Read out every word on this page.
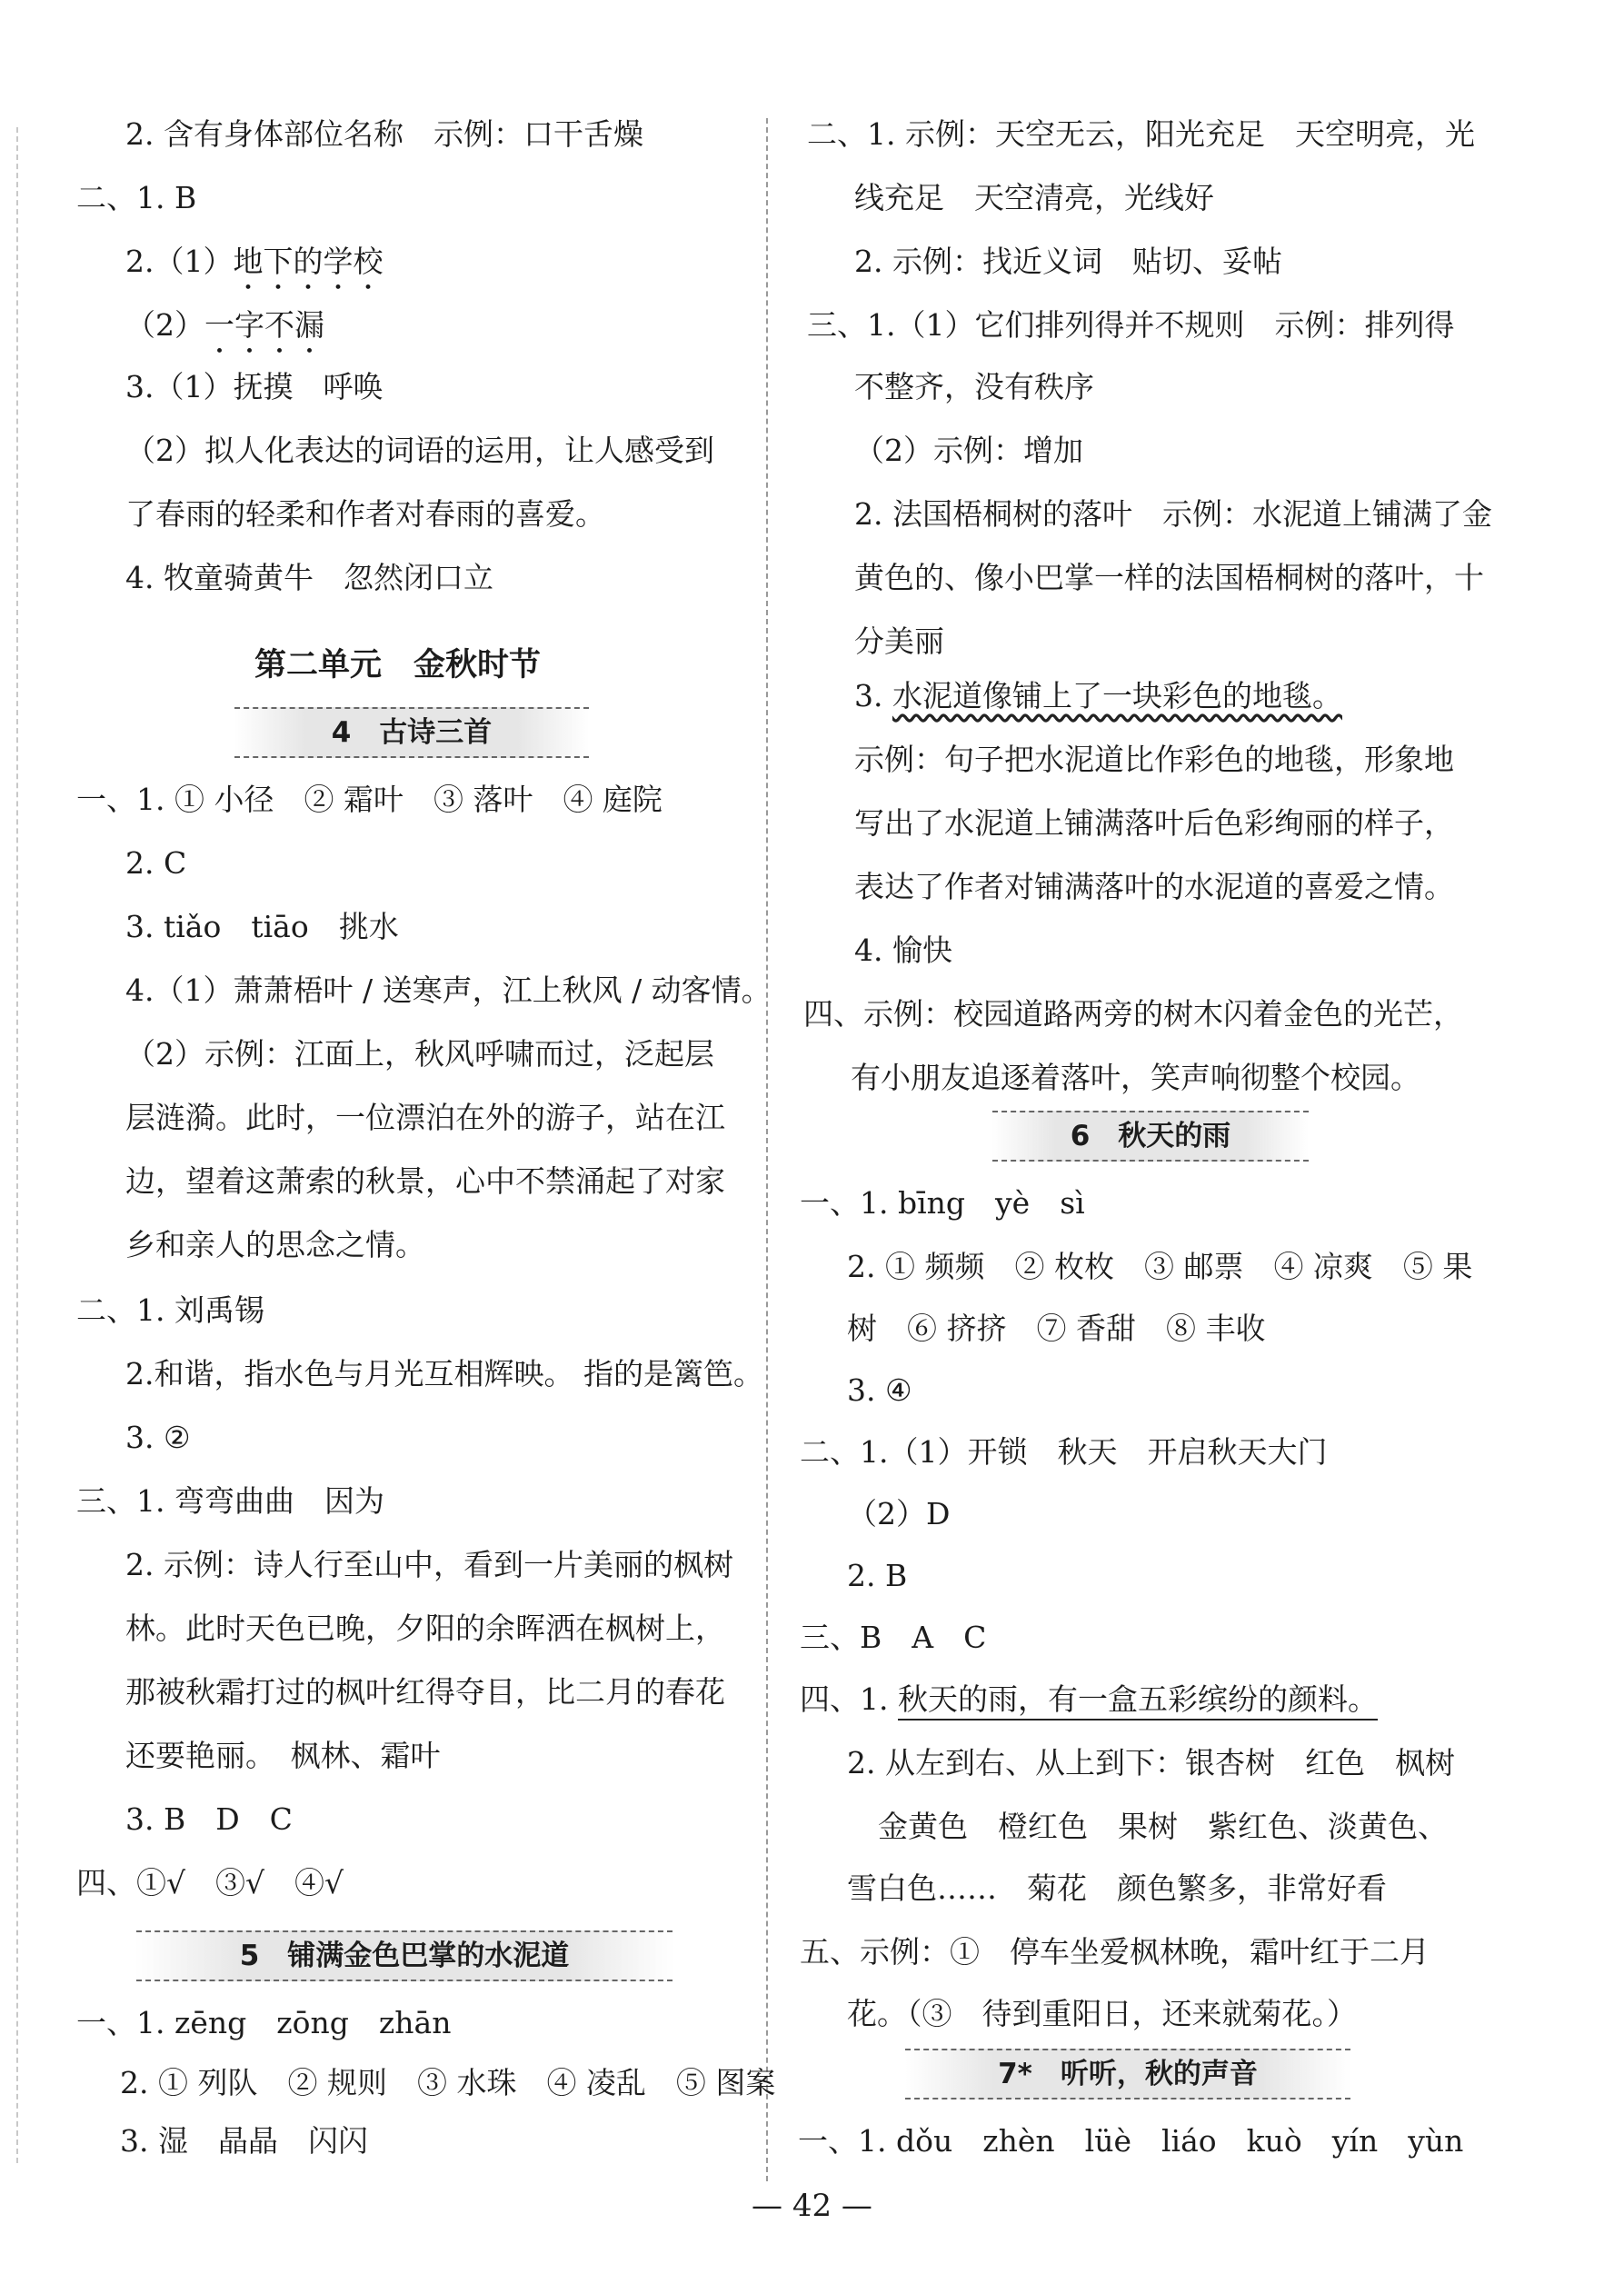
2. 含有身体部位名称　示例：口干舌燥
二、1. B
2.（1）地下的学校
（2）一字不漏
3.（1）抚摸　呼唤
（2）拟人化表达的词语的运用，让人感受到
了春雨的轻柔和作者对春雨的喜爱。
4. 牧童骑黄牛　忽然闭口立
第二单元　金秋时节
4　古诗三首
一、1. ① 小径　② 霜叶　③ 落叶　④ 庭院
2. C
3. tiǎo　tiāo　挑水
4.（1）萧萧梧叶 / 送寒声，江上秋风 / 动客情。
（2）示例：江面上，秋风呼啸而过，泛起层
层涟漪。此时，一位漂泊在外的游子，站在江
边，望着这萧索的秋景，心中不禁涌起了对家
乡和亲人的思念之情。
二、1. 刘禹锡
2.和谐，指水色与月光互相辉映。 指的是篱笆。
3. ②
三、1. 弯弯曲曲　因为
2. 示例：诗人行至山中，看到一片美丽的枫树
林。此时天色已晚，夕阳的余晖洒在枫树上，
那被秋霜打过的枫叶红得夺目，比二月的春花
还要艳丽。　枫林、霜叶
3. B　D　C
四、①√　③√　④√
5　铺满金色巴掌的水泥道
一、1. zēng　zōng　zhān
2. ① 列队　② 规则　③ 水珠　④ 凌乱　⑤ 图案
3. 湿　晶晶　闪闪
二、1. 示例：天空无云，阳光充足　天空明亮，光
线充足　天空清亮，光线好
2. 示例：找近义词　贴切、妥帖
三、1.（1）它们排列得并不规则　示例：排列得
不整齐，没有秩序
（2）示例：增加
2. 法国梧桐树的落叶　示例：水泥道上铺满了金
黄色的、像小巴掌一样的法国梧桐树的落叶，十
分美丽
3. 水泥道像铺上了一块彩色的地毯。
示例：句子把水泥道比作彩色的地毯，形象地
写出了水泥道上铺满落叶后色彩绚丽的样子，
表达了作者对铺满落叶的水泥道的喜爱之情。
4. 愉快
四、示例：校园道路两旁的树木闪着金色的光芒，
有小朋友追逐着落叶，笑声响彻整个校园。
6　秋天的雨
一、1. bīng　yè　sì
2. ① 频频　② 枚枚　③ 邮票　④ 凉爽　⑤ 果
树　⑥ 挤挤　⑦ 香甜　⑧ 丰收
3. ④
二、1.（1）开锁　秋天　开启秋天大门
（2）D
2. B
三、B　A　C
四、1. 秋天的雨，有一盒五彩缤纷的颜料。
2. 从左到右、从上到下：银杏树　红色　枫树
金黄色　橙红色　果树　紫红色、淡黄色、
雪白色……　菊花　颜色繁多，非常好看
五、示例：①　停车坐爱枫林晚，霜叶红于二月
花。（③　待到重阳日，还来就菊花。）
7*　听听，秋的声音
一、1. dǒu　zhèn　lüè　liáo　kuò　yín　yùn
— 42 —
